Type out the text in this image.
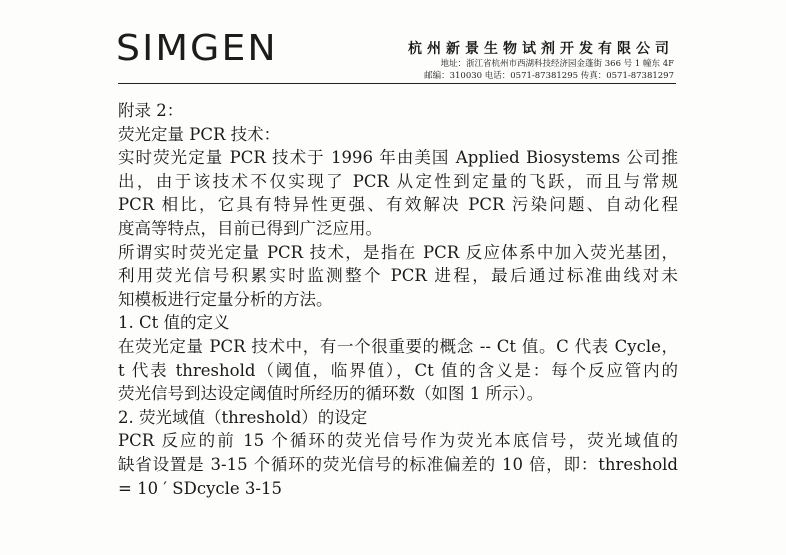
SIMGEN	杭州新景生物试剂开发有限公司
地址：浙江省杭州市西湖科技经济园金蓬街 366 号 1 幢东 4F
邮编：310030 电话：0571-87381295 传真：0571-87381297
附录 2：
荧光定量 PCR 技术：
实时荧光定量 PCR 技术于 1996 年由美国 Applied Biosystems 公司推
出，由于该技术不仅实现了 PCR 从定性到定量的飞跃，而且与常规
PCR 相比，它具有特异性更强、有效解决 PCR 污染问题、自动化程
度高等特点，目前已得到广泛应用。
所谓实时荧光定量 PCR 技术，是指在 PCR 反应体系中加入荧光基团，
利用荧光信号积累实时监测整个 PCR 进程，最后通过标准曲线对未
知模板进行定量分析的方法。
1. Ct 值的定义
在荧光定量 PCR 技术中，有一个很重要的概念 -- Ct 值。C 代表 Cycle，
t 代表 threshold（阈值，临界值），Ct 值的含义是：每个反应管内的
荧光信号到达设定阈值时所经历的循环数（如图 1 所示）。
2. 荧光域值（threshold）的设定
PCR 反应的前 15 个循环的荧光信号作为荧光本底信号，荧光域值的
缺省设置是 3-15 个循环的荧光信号的标准偏差的 10 倍，即：threshold
= 10 ′ SDcycle 3-15
